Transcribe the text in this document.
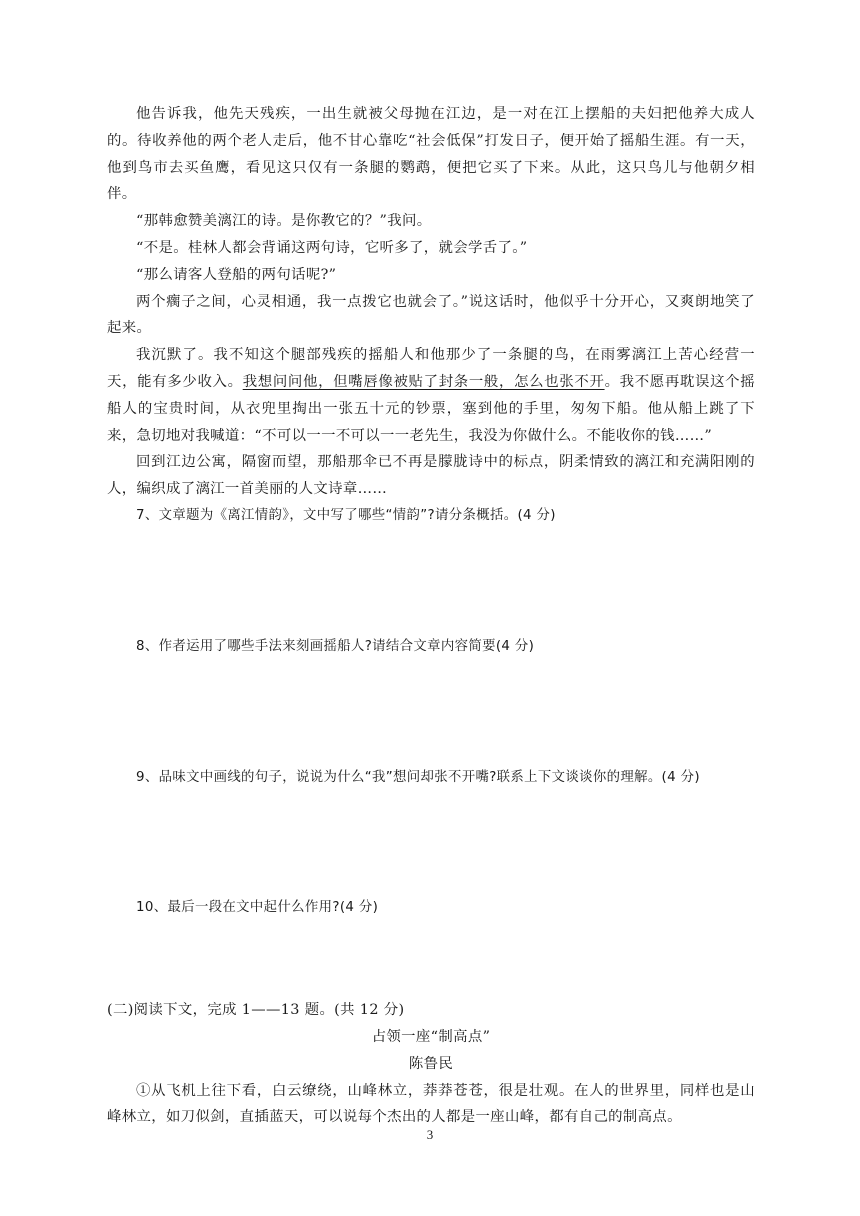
他告诉我，他先天残疾，一出生就被父母抛在江边，是一对在江上摆船的夫妇把他养大成人的。待收养他的两个老人走后，他不甘心靠吃“社会低保”打发日子，便开始了摇船生涯。有一天，他到鸟市去买鱼鹰，看见这只仅有一条腿的鹦鹉，便把它买了下来。从此，这只鸟儿与他朝夕相伴。

“那韩愈赞美漓江的诗。是你教它的？”我问。

“不是。桂林人都会背诵这两句诗，它听多了，就会学舌了。”

“那么请客人登船的两句话呢?”

两个瘸子之间，心灵相通，我一点拨它也就会了。”说这话时，他似乎十分开心，又爽朗地笑了起来。

我沉默了。我不知这个腿部残疾的摇船人和他那少了一条腿的鸟，在雨雾漓江上苦心经营一天，能有多少收入。我想问问他，但嘴唇像被贴了封条一般，怎么也张不开。我不愿再耽误这个摇船人的宝贵时间，从衣兜里掏出一张五十元的钞票，塞到他的手里，匆匆下船。他从船上跳了下来，急切地对我喊道：“不可以一一不可以一一老先生，我没为你做什么。不能收你的钱……”

回到江边公寓，隔窗而望，那船那伞已不再是朦胧诗中的标点，阴柔情致的漓江和充满阳刚的人，编织成了漓江一首美丽的人文诗章……

7、文章题为《离江情韵》，文中写了哪些“情韵”?请分条概括。(4 分)

8、作者运用了哪些手法来刻画摇船人?请结合文章内容简要(4 分)

9、品味文中画线的句子，说说为什么“我”想问却张不开嘴?联系上下文谈谈你的理解。(4 分)

10、最后一段在文中起什么作用?(4 分)

(二)阅读下文，完成 1——13 题。(共 12 分)

占领一座“制高点”

陈鲁民

①从飞机上往下看，白云缭绕，山峰林立，莽莽苍苍，很是壮观。在人的世界里，同样也是山峰林立，如刀似剑，直插蓝天，可以说每个杰出的人都是一座山峰，都有自己的制高点。

3
